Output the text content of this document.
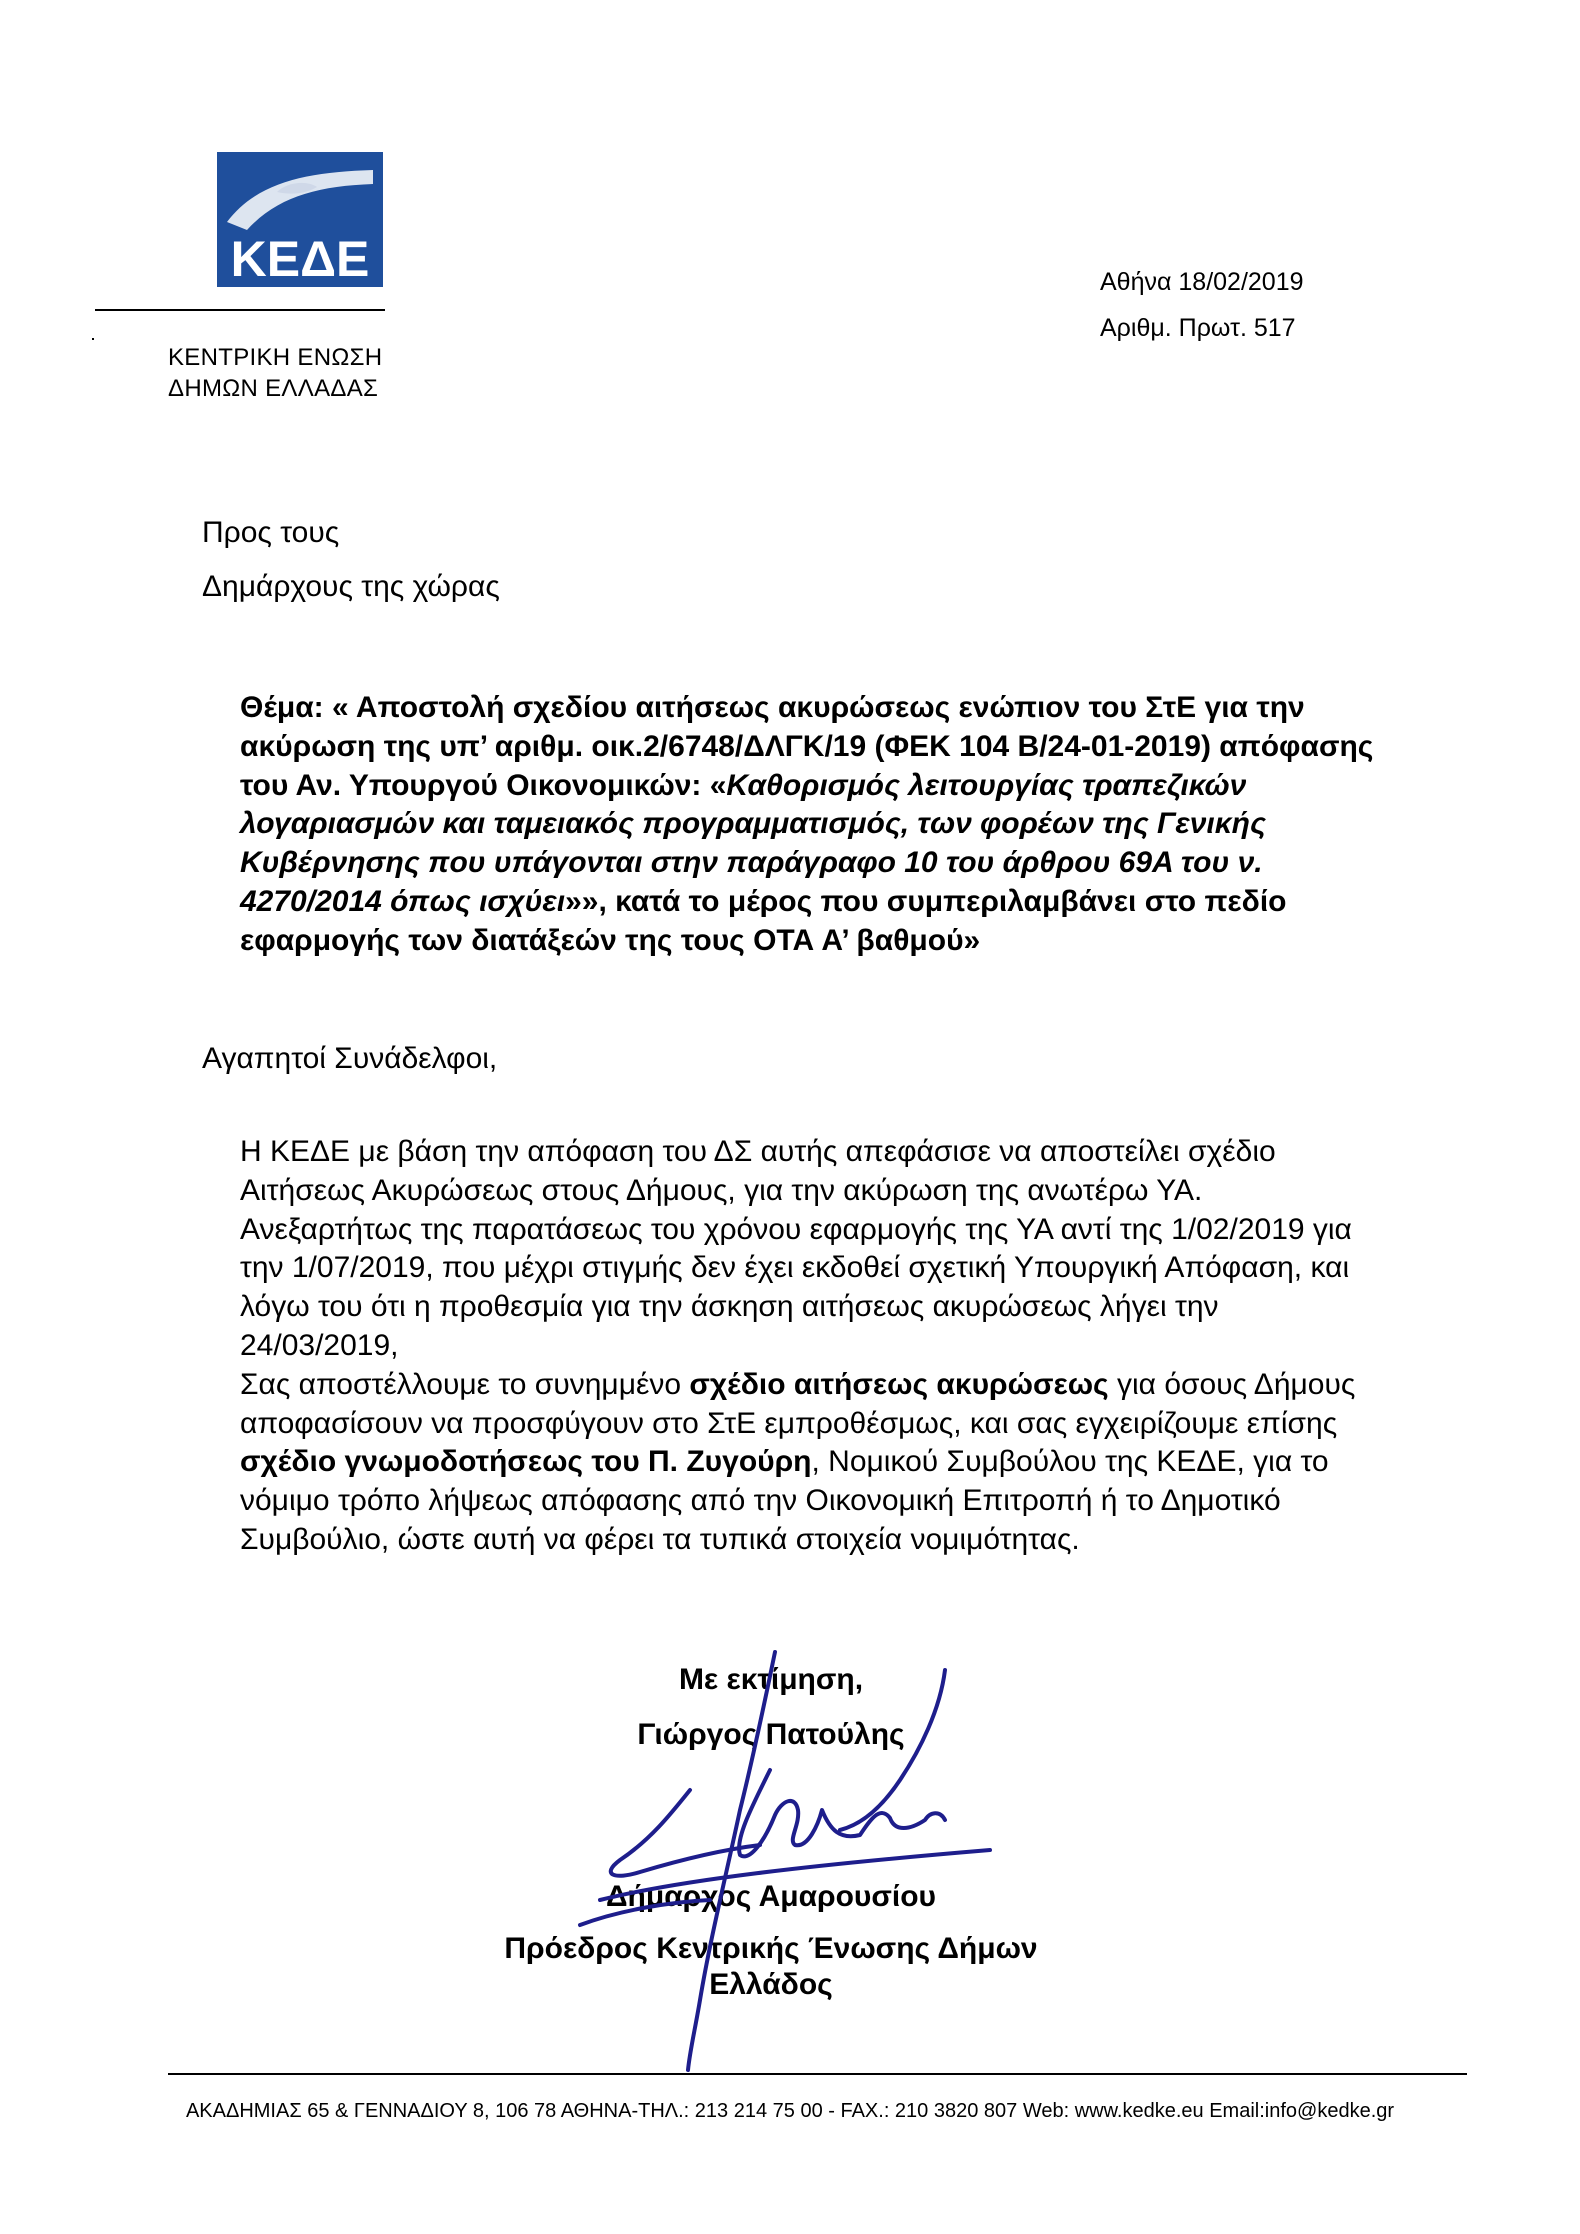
ΚΕΔΕ
ΚΕΝΤΡΙΚΗ ΕΝΩΣΗ
ΔΗΜΩΝ ΕΛΛΑΔΑΣ
Αθήνα 18/02/2019
Αριθμ. Πρωτ. 517
Προς τους
Δημάρχους της χώρας
Θέμα: « Αποστολή σχεδίου αιτήσεως ακυρώσεως ενώπιον του ΣτΕ για την ακύρωση της υπ’ αριθμ. οικ.2/6748/ΔΛΓΚ/19 (ΦΕΚ 104 Β/24-01-2019) απόφασης του Αν. Υπουργού Οικονομικών: «Καθορισμός λειτουργίας τραπεζικών λογαριασμών και ταμειακός προγραμματισμός, των φορέων της Γενικής Κυβέρνησης που υπάγονται στην παράγραφο 10 του άρθρου 69Α του ν. 4270/2014 όπως ισχύει»», κατά το μέρος που συμπεριλαμβάνει στο πεδίο εφαρμογής των διατάξεών της τους ΟΤΑ Α’ βαθμού»
Αγαπητοί Συνάδελφοι,
Η ΚΕΔΕ με βάση την απόφαση του ΔΣ αυτής απεφάσισε να αποστείλει σχέδιο Αιτήσεως Ακυρώσεως στους Δήμους, για την ακύρωση της ανωτέρω ΥΑ. Ανεξαρτήτως της παρατάσεως του χρόνου εφαρμογής της ΥΑ αντί της 1/02/2019 για την 1/07/2019, που μέχρι στιγμής δεν έχει εκδοθεί σχετική Υπουργική Απόφαση, και λόγω του ότι η προθεσμία για την άσκηση αιτήσεως ακυρώσεως λήγει την 24/03/2019,
Σας αποστέλλουμε το συνημμένο σχέδιο αιτήσεως ακυρώσεως για όσους Δήμους αποφασίσουν να προσφύγουν στο ΣτΕ εμπροθέσμως, και σας εγχειρίζουμε επίσης σχέδιο γνωμοδοτήσεως του Π. Ζυγούρη, Νομικού Συμβούλου της ΚΕΔΕ, για το νόμιμο τρόπο λήψεως απόφασης από την Οικονομική Επιτροπή ή το Δημοτικό Συμβούλιο, ώστε αυτή να φέρει τα τυπικά στοιχεία νομιμότητας.
Με εκτίμηση,
Γιώργος Πατούλης
Δήμαρχος Αμαρουσίου
Πρόεδρος Κεντρικής Ένωσης Δήμων
Ελλάδος
ΑΚΑΔΗΜΙΑΣ 65 & ΓΕΝΝΑΔΙΟΥ 8, 106 78 ΑΘΗΝΑ-ΤΗΛ.: 213 214 75 00 - FAX.: 210 3820 807 Web: www.kedke.eu Email:info@kedke.gr
